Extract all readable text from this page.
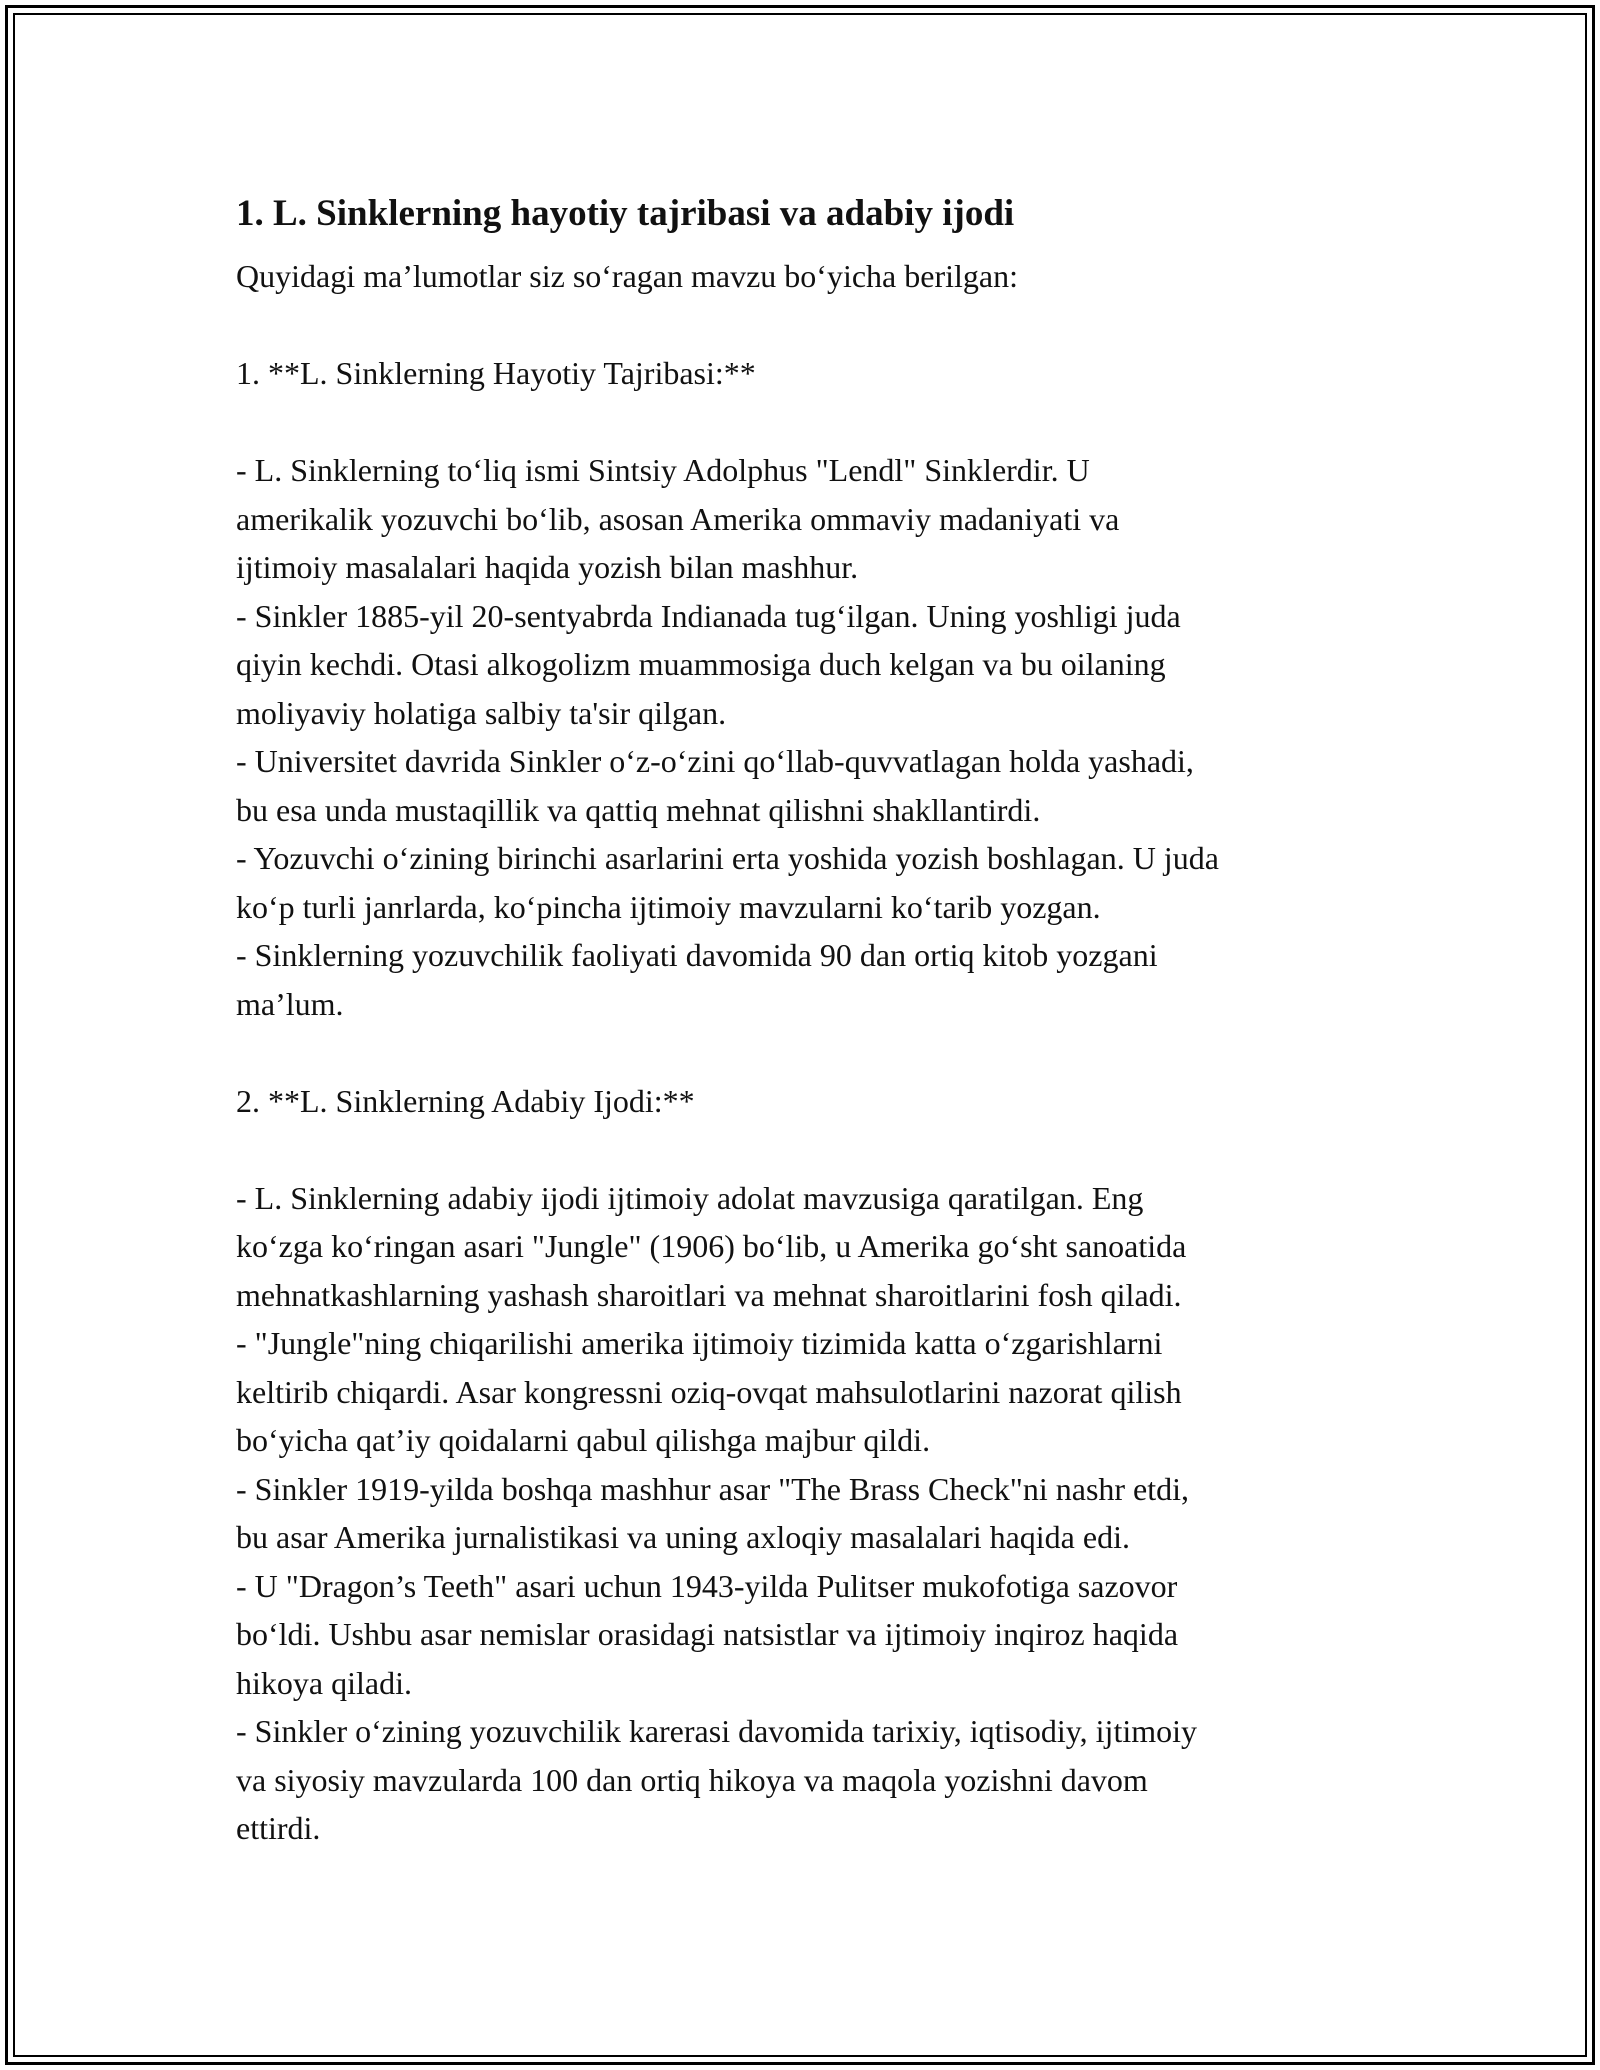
1. L. Sinklerning hayotiy tajribasi va adabiy ijodi

Quyidagi ma’lumotlar siz so‘ragan mavzu bo‘yicha berilgan:

1. **L. Sinklerning Hayotiy Tajribasi:**

- L. Sinklerning to‘liq ismi Sintsiy Adolphus "Lendl" Sinklerdir. U

amerikalik yozuvchi bo‘lib, asosan Amerika ommaviy madaniyati va

ijtimoiy masalalari haqida yozish bilan mashhur.

- Sinkler 1885-yil 20-sentyabrda Indianada tug‘ilgan. Uning yoshligi juda

qiyin kechdi. Otasi alkogolizm muammosiga duch kelgan va bu oilaning

moliyaviy holatiga salbiy ta'sir qilgan.

- Universitet davrida Sinkler o‘z-o‘zini qo‘llab-quvvatlagan holda yashadi,

bu esa unda mustaqillik va qattiq mehnat qilishni shakllantirdi.

- Yozuvchi o‘zining birinchi asarlarini erta yoshida yozish boshlagan. U juda

ko‘p turli janrlarda, ko‘pincha ijtimoiy mavzularni ko‘tarib yozgan.

- Sinklerning yozuvchilik faoliyati davomida 90 dan ortiq kitob yozgani

ma’lum.

2. **L. Sinklerning Adabiy Ijodi:**

- L. Sinklerning adabiy ijodi ijtimoiy adolat mavzusiga qaratilgan. Eng

ko‘zga ko‘ringan asari "Jungle" (1906) bo‘lib, u Amerika go‘sht sanoatida

mehnatkashlarning yashash sharoitlari va mehnat sharoitlarini fosh qiladi.

- "Jungle"ning chiqarilishi amerika ijtimoiy tizimida katta o‘zgarishlarni

keltirib chiqardi. Asar kongressni oziq-ovqat mahsulotlarini nazorat qilish

bo‘yicha qat’iy qoidalarni qabul qilishga majbur qildi.

- Sinkler 1919-yilda boshqa mashhur asar "The Brass Check"ni nashr etdi,

bu asar Amerika jurnalistikasi va uning axloqiy masalalari haqida edi.

- U "Dragon’s Teeth" asari uchun 1943-yilda Pulitser mukofotiga sazovor

bo‘ldi. Ushbu asar nemislar orasidagi natsistlar va ijtimoiy inqiroz haqida

hikoya qiladi.

- Sinkler o‘zining yozuvchilik karerasi davomida tarixiy, iqtisodiy, ijtimoiy

va siyosiy mavzularda 100 dan ortiq hikoya va maqola yozishni davom

ettirdi.
